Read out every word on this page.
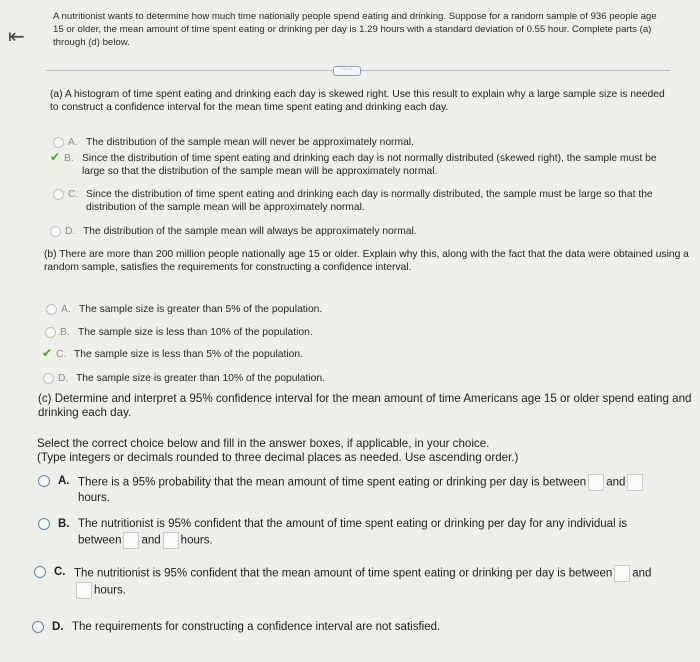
⇤
A nutritionist wants to determine how much time nationally people spend eating and drinking. Suppose for a random sample of 936 people age 15 or older, the mean amount of time spent eating or drinking per day is 1.29 hours with a standard deviation of 0.55 hour. Complete parts (a) through (d) below.
·····
(a) A histogram of time spent eating and drinking each day is skewed right. Use this result to explain why a large sample size is needed to construct a confidence interval for the mean time spent eating and drinking each day.
A. The distribution of the sample mean will never be approximately normal.
✔ B. Since the distribution of time spent eating and drinking each day is not normally distributed (skewed right), the sample must be large so that the distribution of the sample mean will be approximately normal.
C. Since the distribution of time spent eating and drinking each day is normally distributed, the sample must be large so that the distribution of the sample mean will be approximately normal.
D. The distribution of the sample mean will always be approximately normal.
(b) There are more than 200 million people nationally age 15 or older. Explain why this, along with the fact that the data were obtained using a random sample, satisfies the requirements for constructing a confidence interval.
A. The sample size is greater than 5% of the population.
B. The sample size is less than 10% of the population.
✔ C. The sample size is less than 5% of the population.
D. The sample size is greater than 10% of the population.
(c) Determine and interpret a 95% confidence interval for the mean amount of time Americans age 15 or older spend eating and drinking each day.
Select the correct choice below and fill in the answer boxes, if applicable, in your choice.
(Type integers or decimals rounded to three decimal places as needed. Use ascending order.)
A. There is a 95% probability that the mean amount of time spent eating or drinking per day is between and
hours.
B. The nutritionist is 95% confident that the amount of time spent eating or drinking per day for any individual is
between and hours.
C. The nutritionist is 95% confident that the mean amount of time spent eating or drinking per day is between and
hours.
D. The requirements for constructing a confidence interval are not satisfied.
